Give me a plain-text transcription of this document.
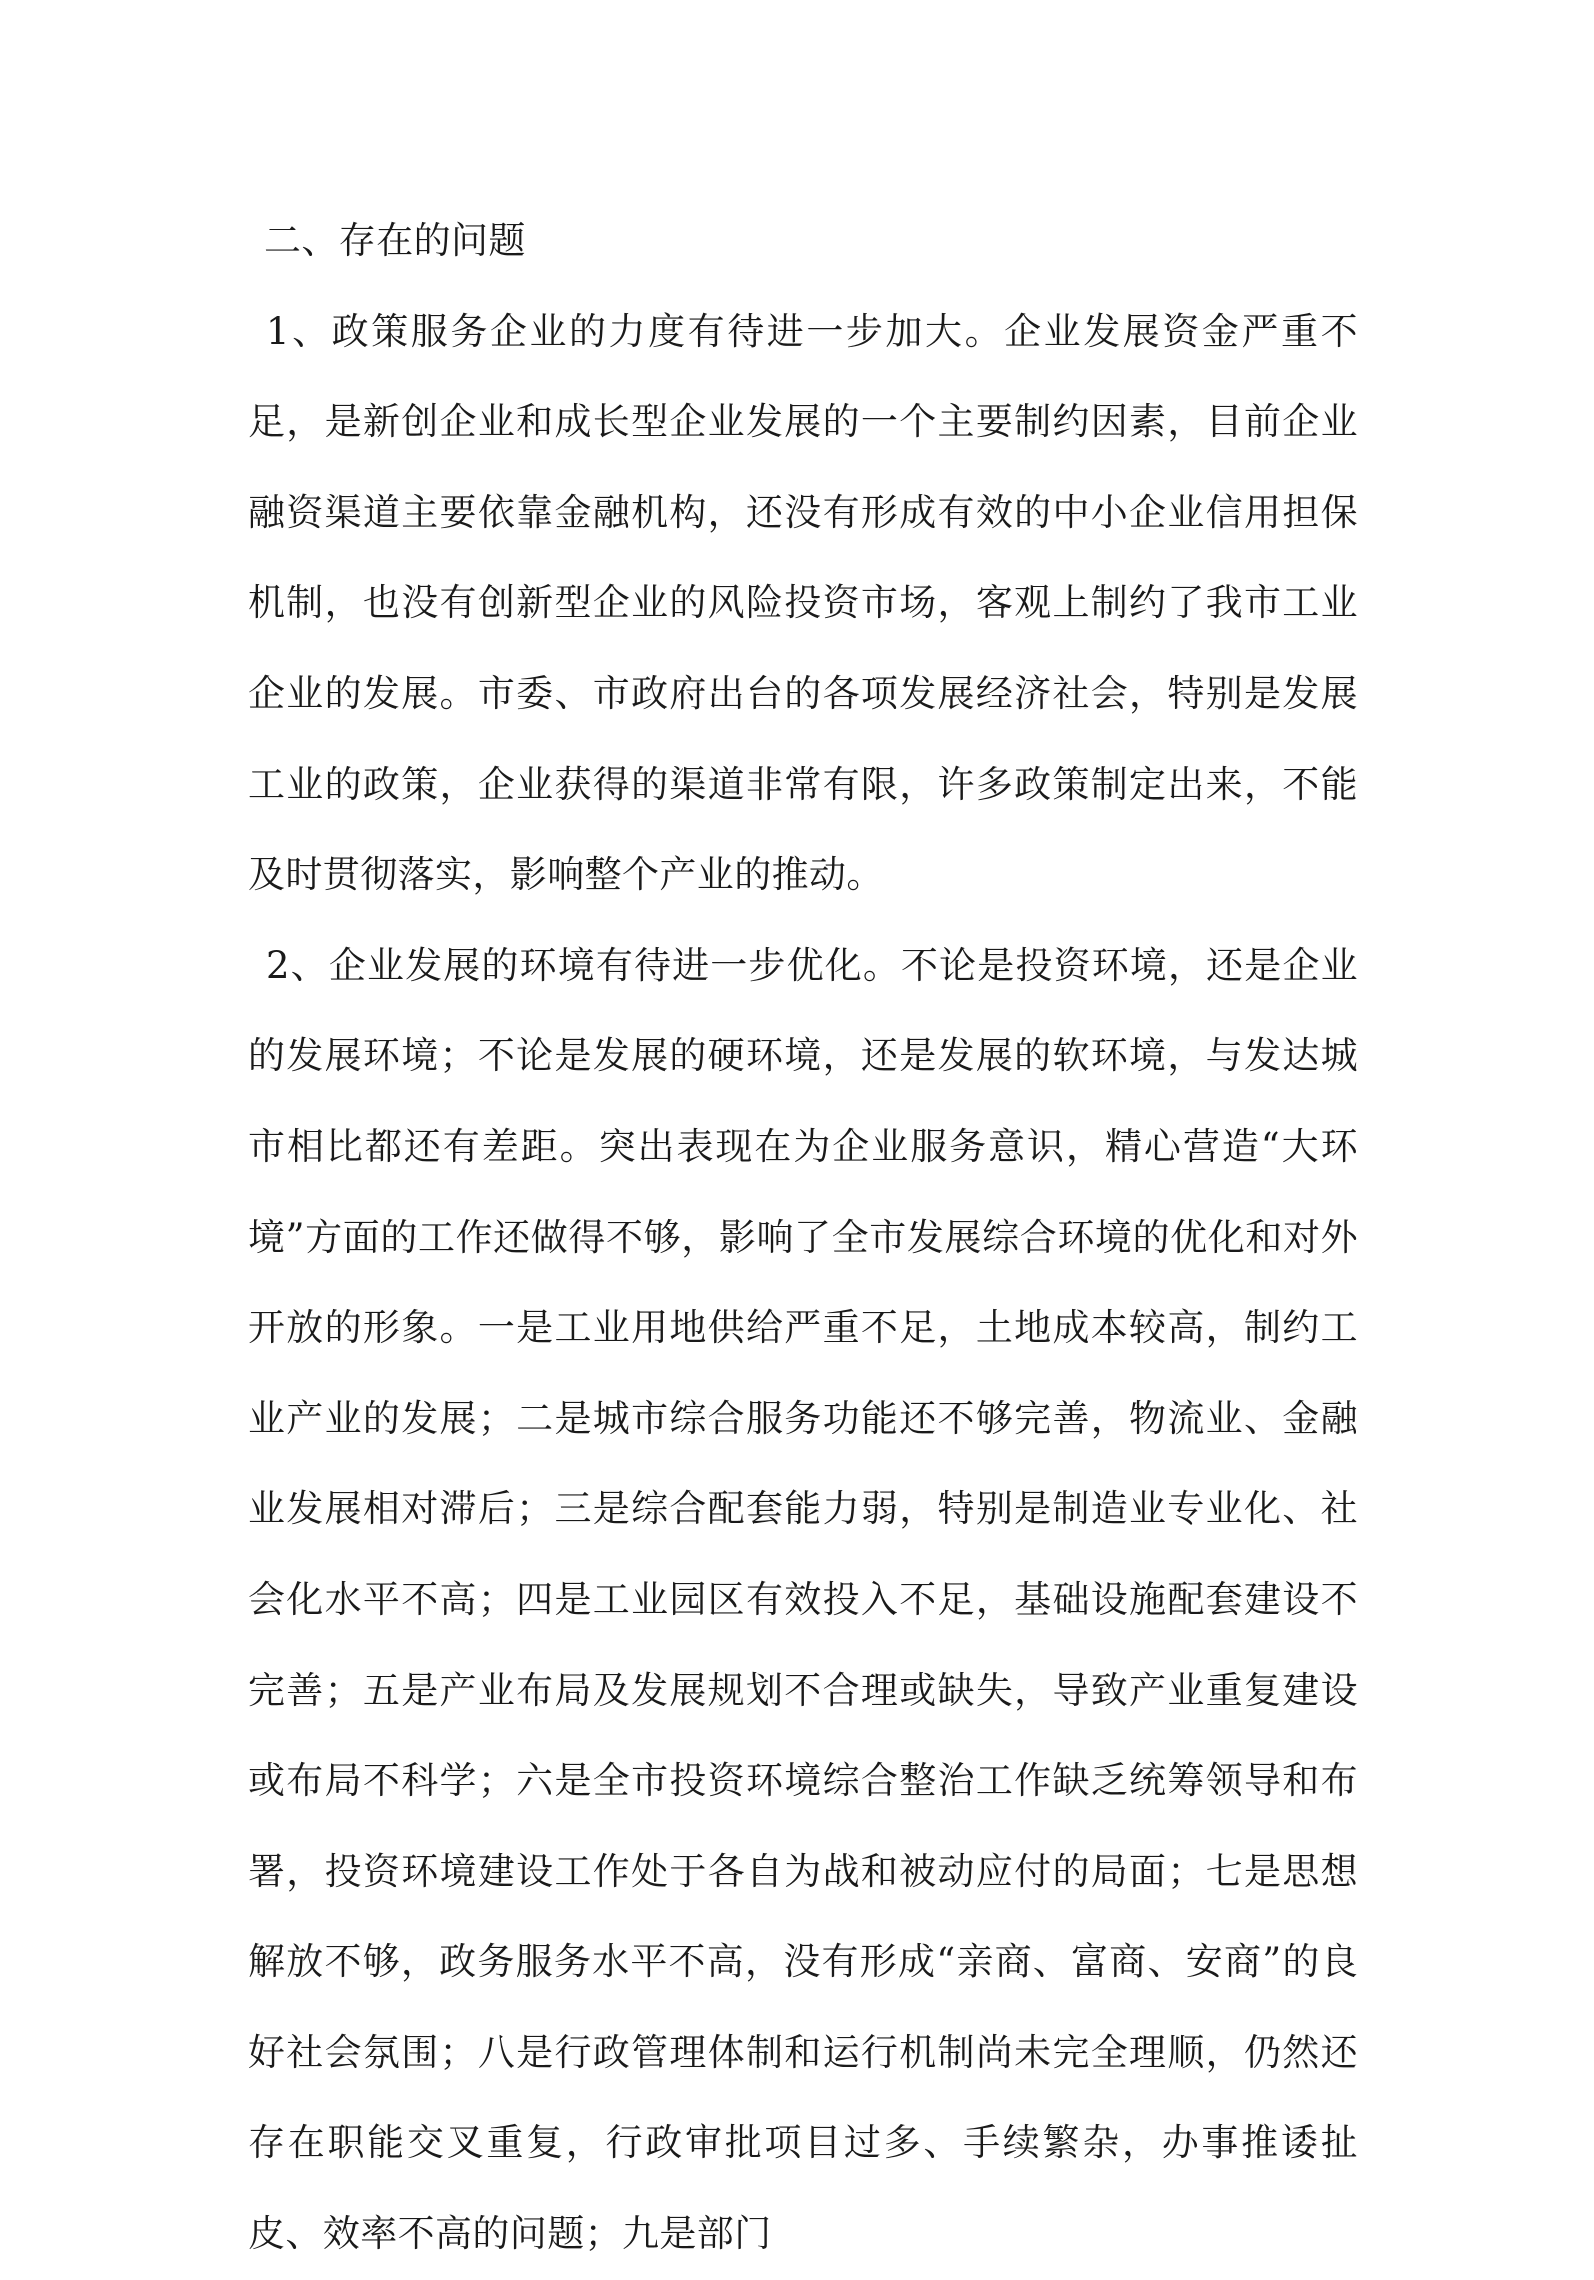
二、存在的问题

1、政策服务企业的力度有待进一步加大。企业发展资金严重不足，是新创企业和成长型企业发展的一个主要制约因素，目前企业融资渠道主要依靠金融机构，还没有形成有效的中小企业信用担保机制，也没有创新型企业的风险投资市场，客观上制约了我市工业企业的发展。市委、市政府出台的各项发展经济社会，特别是发展工业的政策，企业获得的渠道非常有限，许多政策制定出来，不能及时贯彻落实，影响整个产业的推动。

2、企业发展的环境有待进一步优化。不论是投资环境，还是企业的发展环境；不论是发展的硬环境，还是发展的软环境，与发达城市相比都还有差距。突出表现在为企业服务意识，精心营造“大环境”方面的工作还做得不够，影响了全市发展综合环境的优化和对外开放的形象。一是工业用地供给严重不足，土地成本较高，制约工业产业的发展；二是城市综合服务功能还不够完善，物流业、金融业发展相对滞后；三是综合配套能力弱，特别是制造业专业化、社会化水平不高；四是工业园区有效投入不足，基础设施配套建设不完善；五是产业布局及发展规划不合理或缺失，导致产业重复建设或布局不科学；六是全市投资环境综合整治工作缺乏统筹领导和布署，投资环境建设工作处于各自为战和被动应付的局面；七是思想解放不够，政务服务水平不高，没有形成“亲商、富商、安商”的良好社会氛围；八是行政管理体制和运行机制尚未完全理顺，仍然还存在职能交叉重复，行政审批项目过多、手续繁杂，办事推诿扯皮、效率不高的问题；九是部门
